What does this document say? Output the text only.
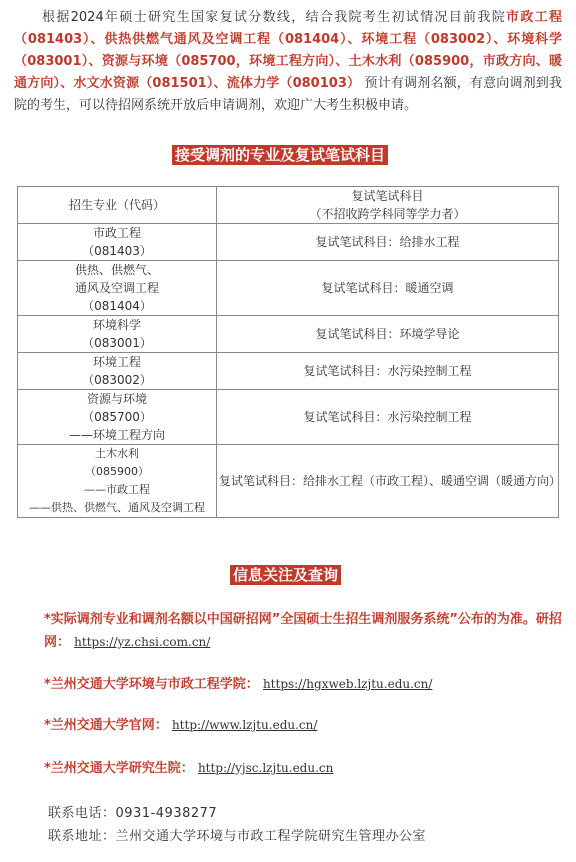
根据2024年硕士研究生国家复试分数线，结合我院考生初试情况目前我院市政工程（081403）、供热供燃气通风及空调工程（081404）、环境工程（083002）、环境科学（083001）、资源与环境（085700，环境工程方向）、土木水利（085900，市政方向、暖通方向）、水文水资源（081501）、流体力学（080103） 预计有调剂名额，有意向调剂到我院的考生，可以待招网系统开放后申请调剂，欢迎广大考生积极申请。
接受调剂的专业及复试笔试科目
招生专业（代码）	复试笔试科目
（不招收跨学科同等学力者）

市政工程
（081403）	复试笔试科目：给排水工程

供热、供燃气、
通风及空调工程
（081404）	复试笔试科目：暖通空调

环境科学
（083001）	复试笔试科目：环境学导论

环境工程
（083002）	复试笔试科目：水污染控制工程

资源与环境
（085700）
——环境工程方向	复试笔试科目：水污染控制工程

土木水利
（085900）
——市政工程
——供热、供燃气、通风及空调工程	复试笔试科目：给排水工程（市政工程）、暖通空调（暖通方向）
信息关注及查询
*实际调剂专业和调剂名额以中国研招网”全国硕士生招生调剂服务系统”公布的为准。研招网： https://yz.chsi.com.cn/
*兰州交通大学环境与市政工程学院： https://hgxweb.lzjtu.edu.cn/
*兰州交通大学官网： http://www.lzjtu.edu.cn/
*兰州交通大学研究生院： http://yjsc.lzjtu.edu.cn
联系电话：0931-4938277
联系地址：兰州交通大学环境与市政工程学院研究生管理办公室
